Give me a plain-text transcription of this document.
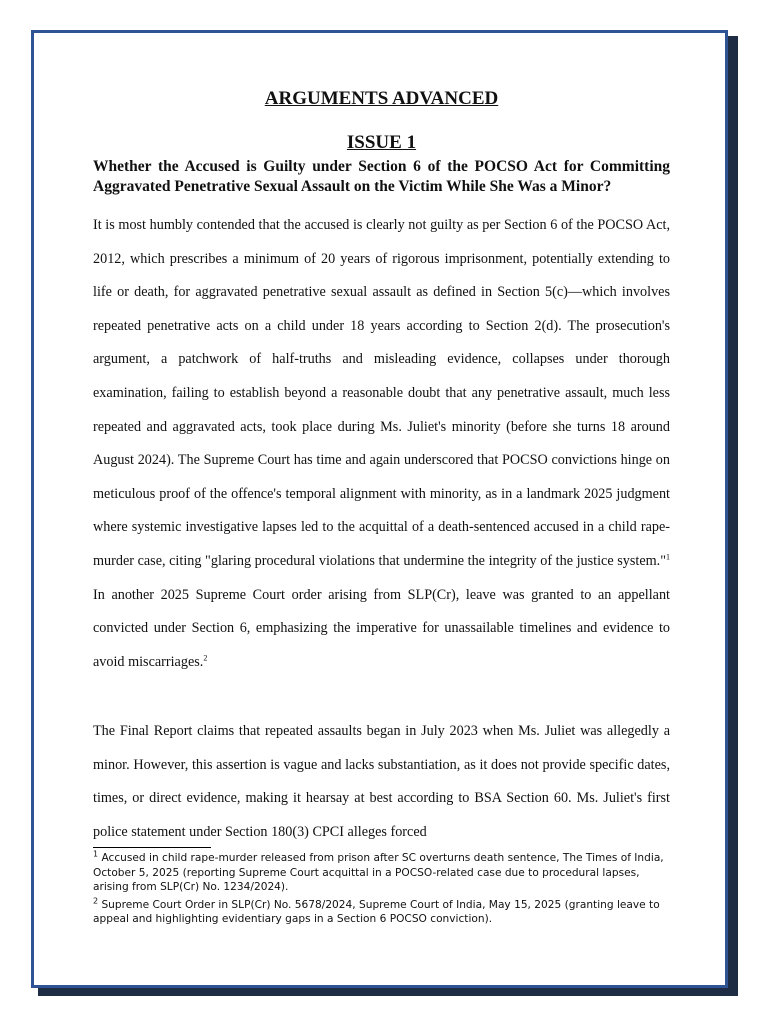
ARGUMENTS ADVANCED
ISSUE 1
Whether the Accused is Guilty under Section 6 of the POCSO Act for Committing Aggravated Penetrative Sexual Assault on the Victim While She Was a Minor?

It is most humbly contended that the accused is clearly not guilty as per Section 6 of the POCSO Act, 2012, which prescribes a minimum of 20 years of rigorous imprisonment, potentially extending to life or death, for aggravated penetrative sexual assault as defined in Section 5(c)—which involves repeated penetrative acts on a child under 18 years according to Section 2(d). The prosecution's argument, a patchwork of half-truths and misleading evidence, collapses under thorough examination, failing to establish beyond a reasonable doubt that any penetrative assault, much less repeated and aggravated acts, took place during Ms. Juliet's minority (before she turns 18 around August 2024). The Supreme Court has time and again underscored that POCSO convictions hinge on meticulous proof of the offence's temporal alignment with minority, as in a landmark 2025 judgment where systemic investigative lapses led to the acquittal of a death-sentenced accused in a child rape-murder case, citing "glaring procedural violations that undermine the integrity of the justice system."$^1$ In another 2025 Supreme Court order arising from SLP(Cr), leave was granted to an appellant convicted under Section 6, emphasizing the imperative for unassailable timelines and evidence to avoid miscarriages.$^2$

The Final Report claims that repeated assaults began in July 2023 when Ms. Juliet was allegedly a minor. However, this assertion is vague and lacks substantiation, as it does not provide specific dates, times, or direct evidence, making it hearsay at best according to BSA Section 60. Ms. Juliet's first police statement under Section 180(3) CPCI alleges forced

$^1$ Accused in child rape-murder released from prison after SC overturns death sentence, The Times of India, October 5, 2025 (reporting Supreme Court acquittal in a POCSO-related case due to procedural lapses, arising from SLP(Cr) No. 1234/2024).

$^2$ Supreme Court Order in SLP(Cr) No. 5678/2024, Supreme Court of India, May 15, 2025 (granting leave to appeal and highlighting evidentiary gaps in a Section 6 POCSO conviction).
